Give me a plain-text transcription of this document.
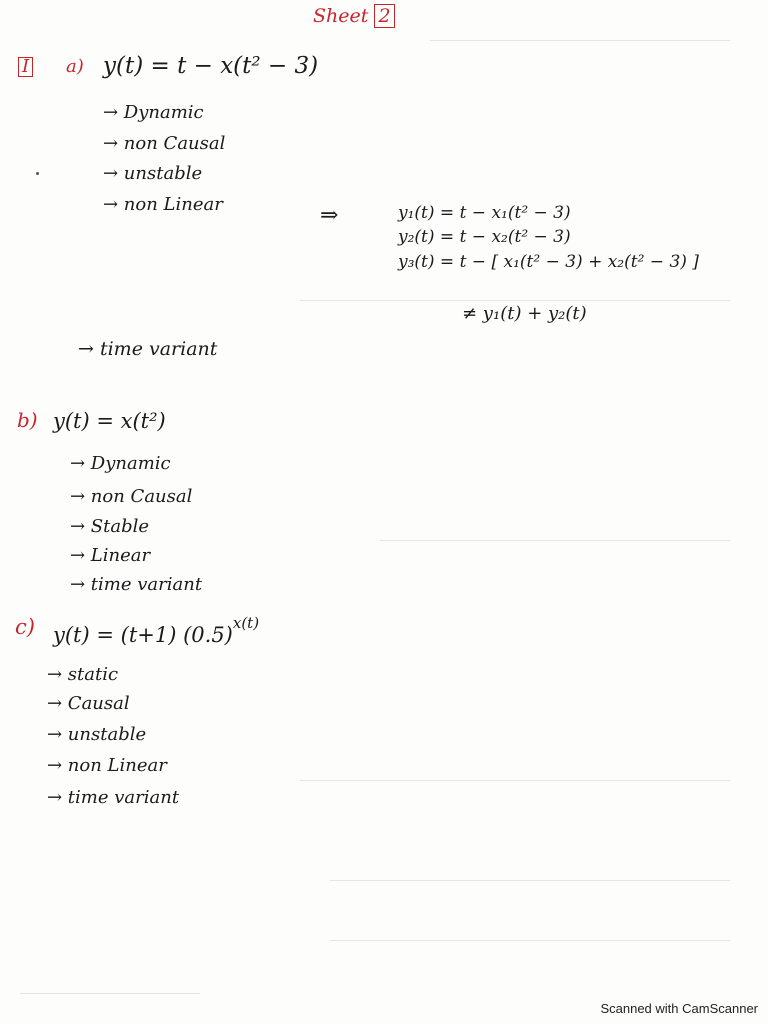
Sheet 2
I a) y(t) = t − x(t² − 3)
→ Dynamic
→ non Causal
→ unstable
→ non Linear	⇒	y₁(t) = t − x₁(t² − 3)
y₂(t) = t − x₂(t² − 3)
y₃(t) = t − [ x₁(t² − 3) + x₂(t² − 3) ]
≠ y₁(t) + y₂(t)
→ time variant
b) y(t) = x(t²)
→ Dynamic
→ non Causal
→ Stable
→ Linear
→ time variant
c) y(t) = (t+1) $(0.5)^{x(t)}$
→ static
→ Causal
→ unstable
→ non Linear
→ time variant
Scanned with CamScanner
